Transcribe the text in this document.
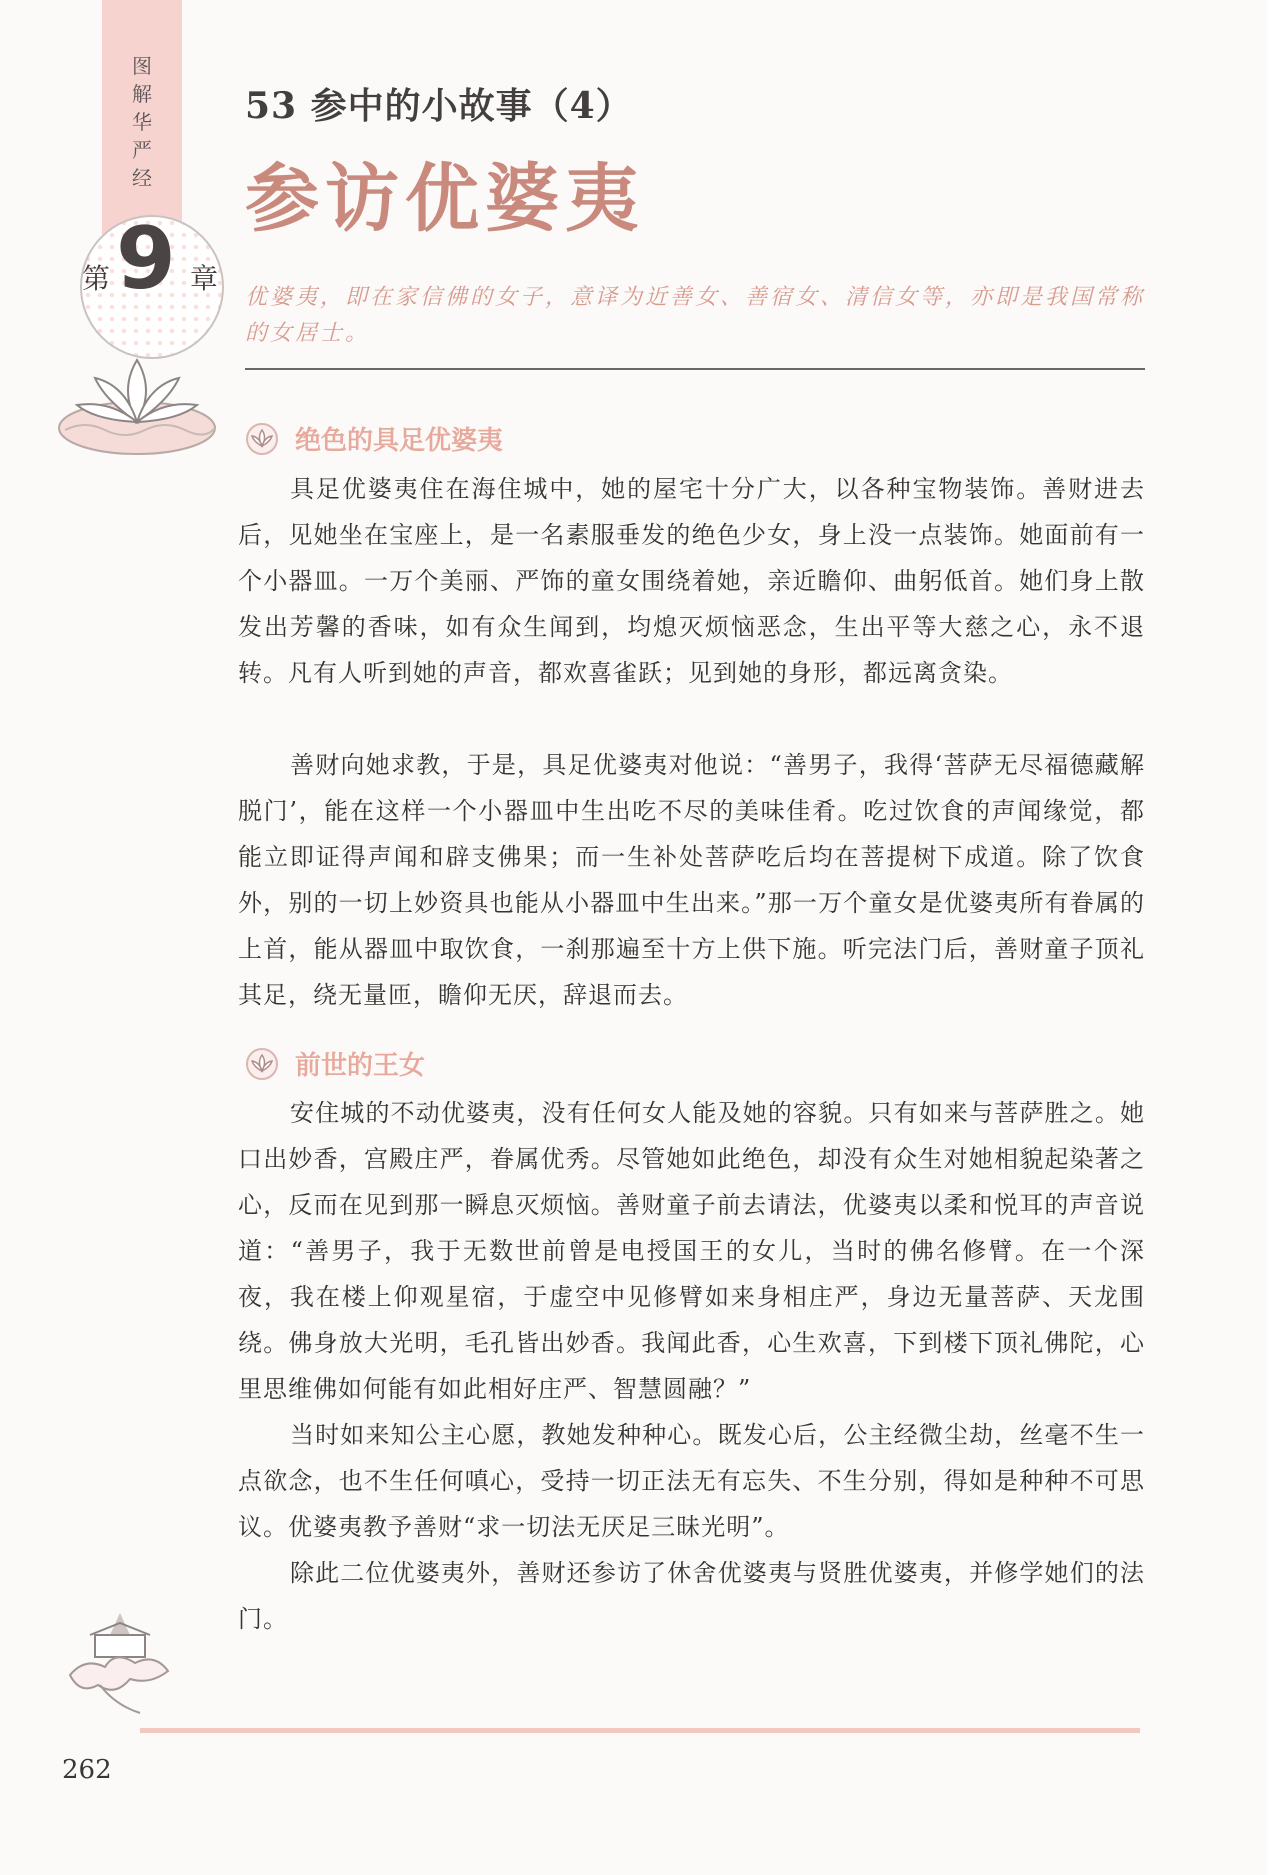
图
解
华
严
经
第 9 章
53 参中的小故事（4）
参访优婆夷
优婆夷，即在家信佛的女子，意译为近善女、善宿女、清信女等，亦即是我国常称的女居士。
绝色的具足优婆夷

具足优婆夷住在海住城中，她的屋宅十分广大，以各种宝物装饰。善财进去后，见她坐在宝座上，是一名素服垂发的绝色少女，身上没一点装饰。她面前有一个小器皿。一万个美丽、严饰的童女围绕着她，亲近瞻仰、曲躬低首。她们身上散发出芳馨的香味，如有众生闻到，均熄灭烦恼恶念，生出平等大慈之心，永不退转。凡有人听到她的声音，都欢喜雀跃；见到她的身形，都远离贪染。

善财向她求教，于是，具足优婆夷对他说：“善男子，我得‘菩萨无尽福德藏解脱门’，能在这样一个小器皿中生出吃不尽的美味佳肴。吃过饮食的声闻缘觉，都能立即证得声闻和辟支佛果；而一生补处菩萨吃后均在菩提树下成道。除了饮食外，别的一切上妙资具也能从小器皿中生出来。”那一万个童女是优婆夷所有眷属的上首，能从器皿中取饮食，一刹那遍至十方上供下施。听完法门后，善财童子顶礼其足，绕无量匝，瞻仰无厌，辞退而去。

前世的王女

安住城的不动优婆夷，没有任何女人能及她的容貌。只有如来与菩萨胜之。她口出妙香，宫殿庄严，眷属优秀。尽管她如此绝色，却没有众生对她相貌起染著之心，反而在见到那一瞬息灭烦恼。善财童子前去请法，优婆夷以柔和悦耳的声音说道：“善男子，我于无数世前曾是电授国王的女儿，当时的佛名修臂。在一个深夜，我在楼上仰观星宿，于虚空中见修臂如来身相庄严，身边无量菩萨、天龙围绕。佛身放大光明，毛孔皆出妙香。我闻此香，心生欢喜，下到楼下顶礼佛陀，心里思维佛如何能有如此相好庄严、智慧圆融？”

当时如来知公主心愿，教她发种种心。既发心后，公主经微尘劫，丝毫不生一点欲念，也不生任何嗔心，受持一切正法无有忘失、不生分别，得如是种种不可思议。优婆夷教予善财“求一切法无厌足三昧光明”。

除此二位优婆夷外，善财还参访了休舍优婆夷与贤胜优婆夷，并修学她们的法门。

262
